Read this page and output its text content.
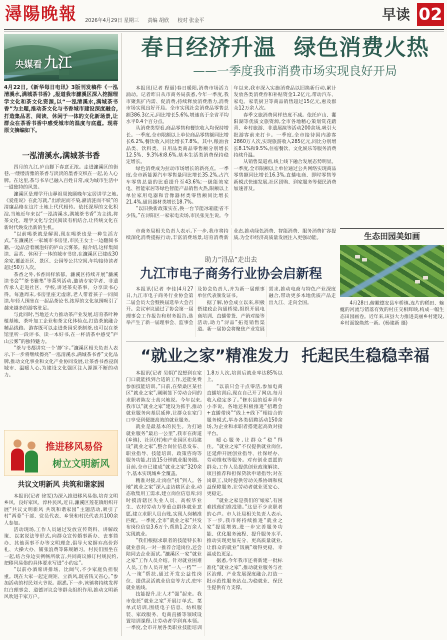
潯陽晚報 2026年4月29日 星期三 责编 胡欣 校对 张金平	早读 02
央媒看九江
4月22日,《新华每日电讯》3版刊发稿件《一泓清溪水,满城茶书香》,报道我市濂溪区深入挖掘理学文化和茶文化资源,以“一泓清溪水,满城茶书香”为主题,推动茶文化与书香城市建设深度融合,打造集品茗、阅读、休闲于一体的文化新场景,让群众在茶香书香中感受城市的温度与底蕴。现将原文摘编如下。
一泓清溪水,满城茶书香

四月的九江,庐山脚下春意正浓。走进濂溪区的街巷,一缕缕清雅的茶香与淡淡的墨香交织在一起,沁人心脾。在这里,茶与书早已融入百姓日常,成为城市生活中一道独特的风景。

濂溪区是理学开山鼻祖周敦颐晚年定居讲学之地,《爱莲说》在此写就,“出淤泥而不染,濯清涟而不妖”的清廉品格在这片土地上代代相传。依托深厚的文化积淀,当地近年来以“一泓清溪水,满城茶书香”为主线,将茶文化、理学文化与全民阅读有机结合,让传统文化在新时代焕发出新的生机。

“以前喝茶就是解渴,现在喝茶也是一种生活方式。”在濂溪区一家城市书房里,市民王女士一边翻阅书籍,一边品尝着刚泡好的庐山云雾茶。据介绍,这样集阅读、品茗、休闲于一体的城市书房,在濂溪区已建成30余家,覆盖社区、景区、公园等公共空间,年均接待读者超过50万人次。

茶香之外,书香同样浓郁。濂溪区持续开展“濂溪读书会”“茶书雅集”等系列活动,邀请专家学者、非遗传承人走进社区、学校,讲述茶史茶事、分享读书心得。每逢周末,书房里座无虚席,老人带着孩子一同阅读,年轻人围坐在一起品茶论书,浓厚的文化氛围吸引了越来越多的游客驻足。

与此同时,当地还大力推动茶产业发展,培育茶叶种植基地、茶叶加工企业和茶文化体验点,打造茶旅融合精品线路。游客既可以走进茶园采茶制茶,也可以在茶馆里听一段评书、读一本好书,在一杯清茶中感受“庐山云雾”的独特魅力。

“茶与书都讲究一个‘静’字。”濂溪区相关负责人表示,下一步将继续擦亮“一泓清溪水,满城茶书香”文化品牌,推动文化事业和文化产业协同发展,让茶香书香浸润城市、温暖人心,为建设文化强区注入源源不断的动力。

推进移风易俗
树立文明新风
共议文明新风 共筑和谐家园

本报讯(记者 徐雯)为深入推进移风易俗,培育文明乡风、良好家风、淳朴民风,近日,濂溪区莲花镇组织开展“共议文明新风 共筑和谐家园”主题活动,吸引了村“两委”干部、党员代表、乡贤和村民代表共100余人参加。

活动现场,工作人员通过发放宣传资料、讲解政策、以案说法等形式,向群众宣传婚事新办、丧事简办、其他喜事不办等文明理念,倡导大家摒弃高价彩礼、大操大办、铺张浪费等陈规陋习。村民们围坐在一起,结合身边实例畅所欲言,共同商议修订村规民约,把移风易俗的具体要求写进“小约定”。

“以前办酒席讲排场、比阔气,不少家庭负担很重。现在大家一起定规矩、立新风,既省钱又省心。”参加活动的村民刘大爷说。据悉,下一步,该镇将持续发挥红白理事会、道德评议会等群众组织作用,推动文明新风吹进千家万户。

春日经济升温 绿色消费火热
——一季度我市消费市场实现良好开局

本报讯(记者 程丽)春日暖阳,消费市场活力涌动。记者昨日从市商务局获悉,今年一季度,我市聚焦扩内需、促消费,持续释放消费潜力,消费市场实现良好开局。全市实现社会消费品零售总额386.3亿元,同比增长5.6%,增速高于全省平均水平0.4个百分点。

从消费类型看,商品零售和餐饮收入均保持增长。一季度,全市限额以上单位商品零售额同比增长6.2%,餐饮收入同比增长7.8%。其中,粮油食品类、饮料类、日用品类商品零售额分别增长12.5%、9.3%和8.6%,基本生活类消费保持稳定增长。

绿色消费成为拉动市场增长的新亮点。一季度,全市新能源汽车零售量同比增长35.2%,占汽车零售总量的比重提升至43.6%;一级能效家电、智能家居等绿色智能产品销售火热,限额以上单位家用电器和音像器材类零售额同比增长21.4%,通讯器材类增长18.7%。

“以旧换新政策实在,换一台节能冰箱能省不少钱。”在浔阳区一家家电卖场,市民张先生说。今年以来,我市深入实施消费品以旧换新行动,累计发放各类消费券和补贴资金1.2亿元,带动汽车、家电、家装厨卫等商品销售超过15亿元,惠及群众12万余人次。

春季文旅消费同样热度不减。依托庐山、鄱阳湖等优质文旅资源,全市各地精心策划赏花踏青、乡村旅游、非遗展演等活动200余场,吸引大批游客前来打卡。一季度,全市接待国内游客2860万人次,实现旅游收入285亿元,同比分别增长8.1%和9.5%,住宿餐饮、文化娱乐等服务消费持续升温。

从销售渠道看,线上线下融合发展态势明显。一季度,全市限额以上单位通过公共网络实现商品零售额同比增长16.3%,直播电商、即时零售等新模式快速发展,社区团购、到家服务等便民消费加速普及。

市商务局相关负责人表示,下一步,我市将持续深化消费提振行动,丰富消费场景,培育消费新业态,推动绿色消费、智能消费、服务消费扩容提质,为全市经济高质量发展注入更强动能。	生态田园美如画

4月28日,俯瞰德安县车桥镇,连片的稻田、蜿蜒的河流与错落有致的村庄交相辉映,构成一幅生态田园画卷。近年来,该县大力推进美丽乡村建设,乡村面貌焕然一新。(杨建新 摄)

助力“浔品”走出去
九江市电子商务行业协会启新程

本报讯(记者 李佳)4月27日,九江市电子商务行业协会第二届会员大会暨换届选举大会召开。会议审议通过了协会第一届理事会工作报告和财务报告,选举产生了新一届理事会、监事会及协会负责人,并为新一届理事单位代表颁发证书。

据了解,协会成立以来,积极搭建政企沟通桥梁,组织开展电商培训、直播带货、产销对接等活动,助力“浔品”拓宽销售渠道。新一届协会将聚焦产业发展需求,推动电商与特色产业深度融合,带动更多本地优质产品走出九江、走向全国。

“就业之家”精准发力 托起民生稳稳幸福

本报讯(记者 吴娟)“没想到在家门口就能找到合适的工作,还能免费参加技能培训。”日前,在柴桑区某社区“就业之家”,刚刚签下劳动合同的求职者陈女士高兴地说。今年以来,我市以“就业之家”建设为抓手,推动就业服务向基层延伸,让群众在家门口享受到便捷高效的就业服务。

就业是最基本的民生。为打通就业服务“最后一公里”,我市在街道(乡镇)、社区(村)和产业园区布局建设“就业之家”,整合岗位信息发布、职业指导、技能培训、政策咨询等服务功能,打造15分钟就业服务圈。目前,全市已建成“就业之家”320余个,基本实现城乡全覆盖。

精准对接,让岗位“找”到人。各地“就业之家”深入走访辖区企业,动态收集用工需求,建立岗位信息库;同时摸清辖区失业人员、高校毕业生、农村劳动力等重点群体就业意愿,建立求职人员台账,实现人岗精准匹配。一季度,全市“就业之家”共发布岗位信息3.6万个,帮助1.2万余人实现就业。

“我们根据求职者的技能特长和就业意向,一对一推荐合适岗位,还会陪同去企业面试。”濂溪区一家“就业之家”工作人员介绍。针对就业困难人员,工作人员开展“一人一档”“一人一策”帮扶,通过开发公益性岗位、提供灵活就业信息等方式,兜牢就业底线。

技能提升,让人才“强”起来。我市依托“就业之家”开展订单式、菜单式培训,围绕电子信息、纺织服装、家政服务、电商直播等领域设置培训课程,让劳动者学到真本领。一季度,全市开展各类职业技能培训1.8万人次,培训后就业率达85%以上。

“以前只会干点零活,参加电商直播培训后,现在自己开了网店,每月收入稳定多了。”修水县的返乡青年小李说。各地还积极推进“招聘会+直播带岗”“线上+线下”相结合的服务模式,举办各类招聘活动150余场,为企业和求职者搭建起高效对接平台。

暖心服务,让群众“稳”得住。“就业之家”不仅提供就业岗位,还延伸开展创业指导、社保经办、劳动维权等服务。对有创业意愿的群众,工作人员提供创业政策解读、项目推荐和担保贷款申请指导;对在岗职工,及时提供劳动关系协调和权益保障服务,让劳动者就业更安心、更稳定。

“就业之家是我们的‘娘家’,有困难找他们准没错。”这是不少求职者的心声。市人社局相关负责人表示,下一步,我市将持续推进“就业之家”提质增效,进一步完善服务功能、优化服务流程、提升服务水平,推动实现更加充分、更高质量就业,让群众的就业“饭碗”端得更稳、幸福成色更足。

据悉,今年我市还将新建一批标准化“就业之家”,推动就业服务与社区治理、产业发展深度融合,打造一批示范性服务站点,为稳就业、保民生提供有力支撑。
